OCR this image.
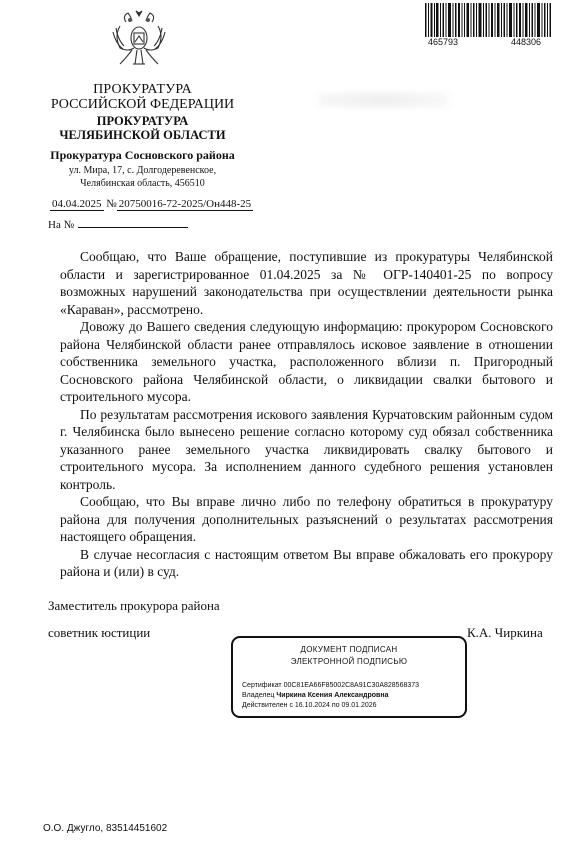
465793	448306
ПРОКУРАТУРА
РОССИЙСКОЙ ФЕДЕРАЦИИ
ПРОКУРАТУРА
ЧЕЛЯБИНСКОЙ ОБЛАСТИ
Прокуратура Сосновского района
ул. Мира, 17, с. Долгодеревенское,
Челябинская область, 456510
04.04.2025 № 20750016-72-2025/Он448-25
На №

Сообщаю, что Ваше обращение, поступившие из прокуратуры Челябинской области и зарегистрированное 01.04.2025 за № ОГР-140401-25 по вопросу возможных нарушений законодательства при осуществлении деятельности рынка «Караван», рассмотрено.

Довожу до Вашего сведения следующую информацию: прокурором Сосновского района Челябинской области ранее отправлялось исковое заявление в отношении собственника земельного участка, расположенного вблизи п. Пригородный Сосновского района Челябинской области, о ликвидации свалки бытового и строительного мусора.

По результатам рассмотрения искового заявления Курчатовским районным судом г. Челябинска было вынесено решение согласно которому суд обязал собственника указанного ранее земельного участка ликвидировать свалку бытового и строительного мусора. За исполнением данного судебного решения установлен контроль.

Сообщаю, что Вы вправе лично либо по телефону обратиться в прокуратуру района для получения дополнительных разъяснений о результатах рассмотрения настоящего обращения.

В случае несогласия с настоящим ответом Вы вправе обжаловать его прокурору района и (или) в суд.

Заместитель прокурора района
советник юстиции	К.А. Чиркина
ДОКУМЕНТ ПОДПИСАН
ЭЛЕКТРОННОЙ ПОДПИСЬЮ
Сертификат 00C81EA66F85002C8A91C30A828568373
Владелец Чиркина Ксения Александровна
Действителен с 16.10.2024 по 09.01.2026
О.О. Джугло, 83514451602
